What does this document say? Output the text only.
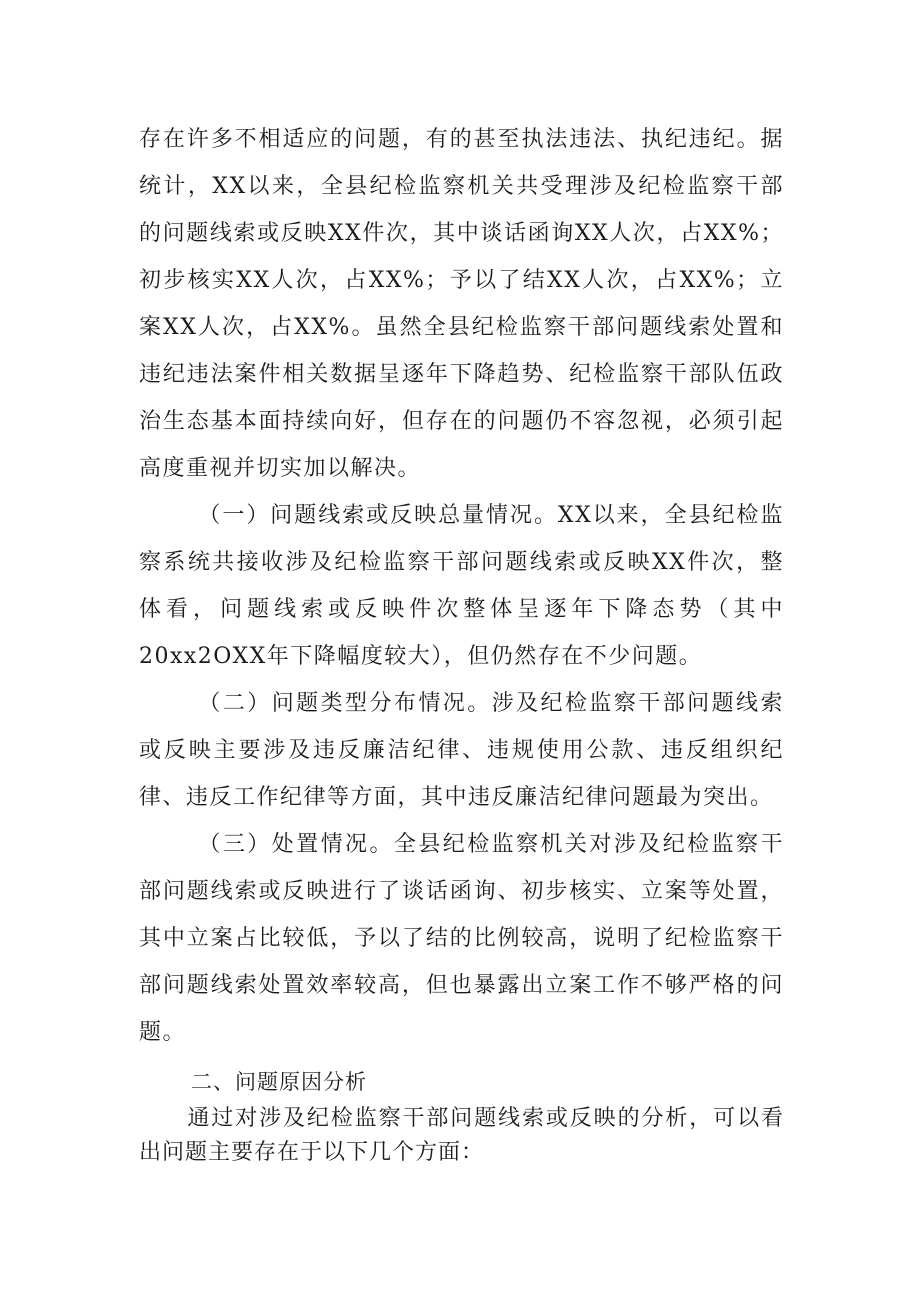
存在许多不相适应的问题，有的甚至执法违法、执纪违纪。据统计，XX以来，全县纪检监察机关共受理涉及纪检监察干部的问题线索或反映XX件次，其中谈话函询XX人次，占XX%；初步核实XX人次，占XX%；予以了结XX人次，占XX%；立案XX人次，占XX%。虽然全县纪检监察干部问题线索处置和违纪违法案件相关数据呈逐年下降趋势、纪检监察干部队伍政治生态基本面持续向好，但存在的问题仍不容忽视，必须引起高度重视并切实加以解决。

（一）问题线索或反映总量情况。XX以来，全县纪检监察系统共接收涉及纪检监察干部问题线索或反映XX件次，整体看，问题线索或反映件次整体呈逐年下降态势（其中20xx2OXX年下降幅度较大），但仍然存在不少问题。

（二）问题类型分布情况。涉及纪检监察干部问题线索或反映主要涉及违反廉洁纪律、违规使用公款、违反组织纪律、违反工作纪律等方面，其中违反廉洁纪律问题最为突出。

（三）处置情况。全县纪检监察机关对涉及纪检监察干部问题线索或反映进行了谈话函询、初步核实、立案等处置，其中立案占比较低，予以了结的比例较高，说明了纪检监察干部问题线索处置效率较高，但也暴露出立案工作不够严格的问题。

二、问题原因分析

通过对涉及纪检监察干部问题线索或反映的分析，可以看出问题主要存在于以下几个方面：
